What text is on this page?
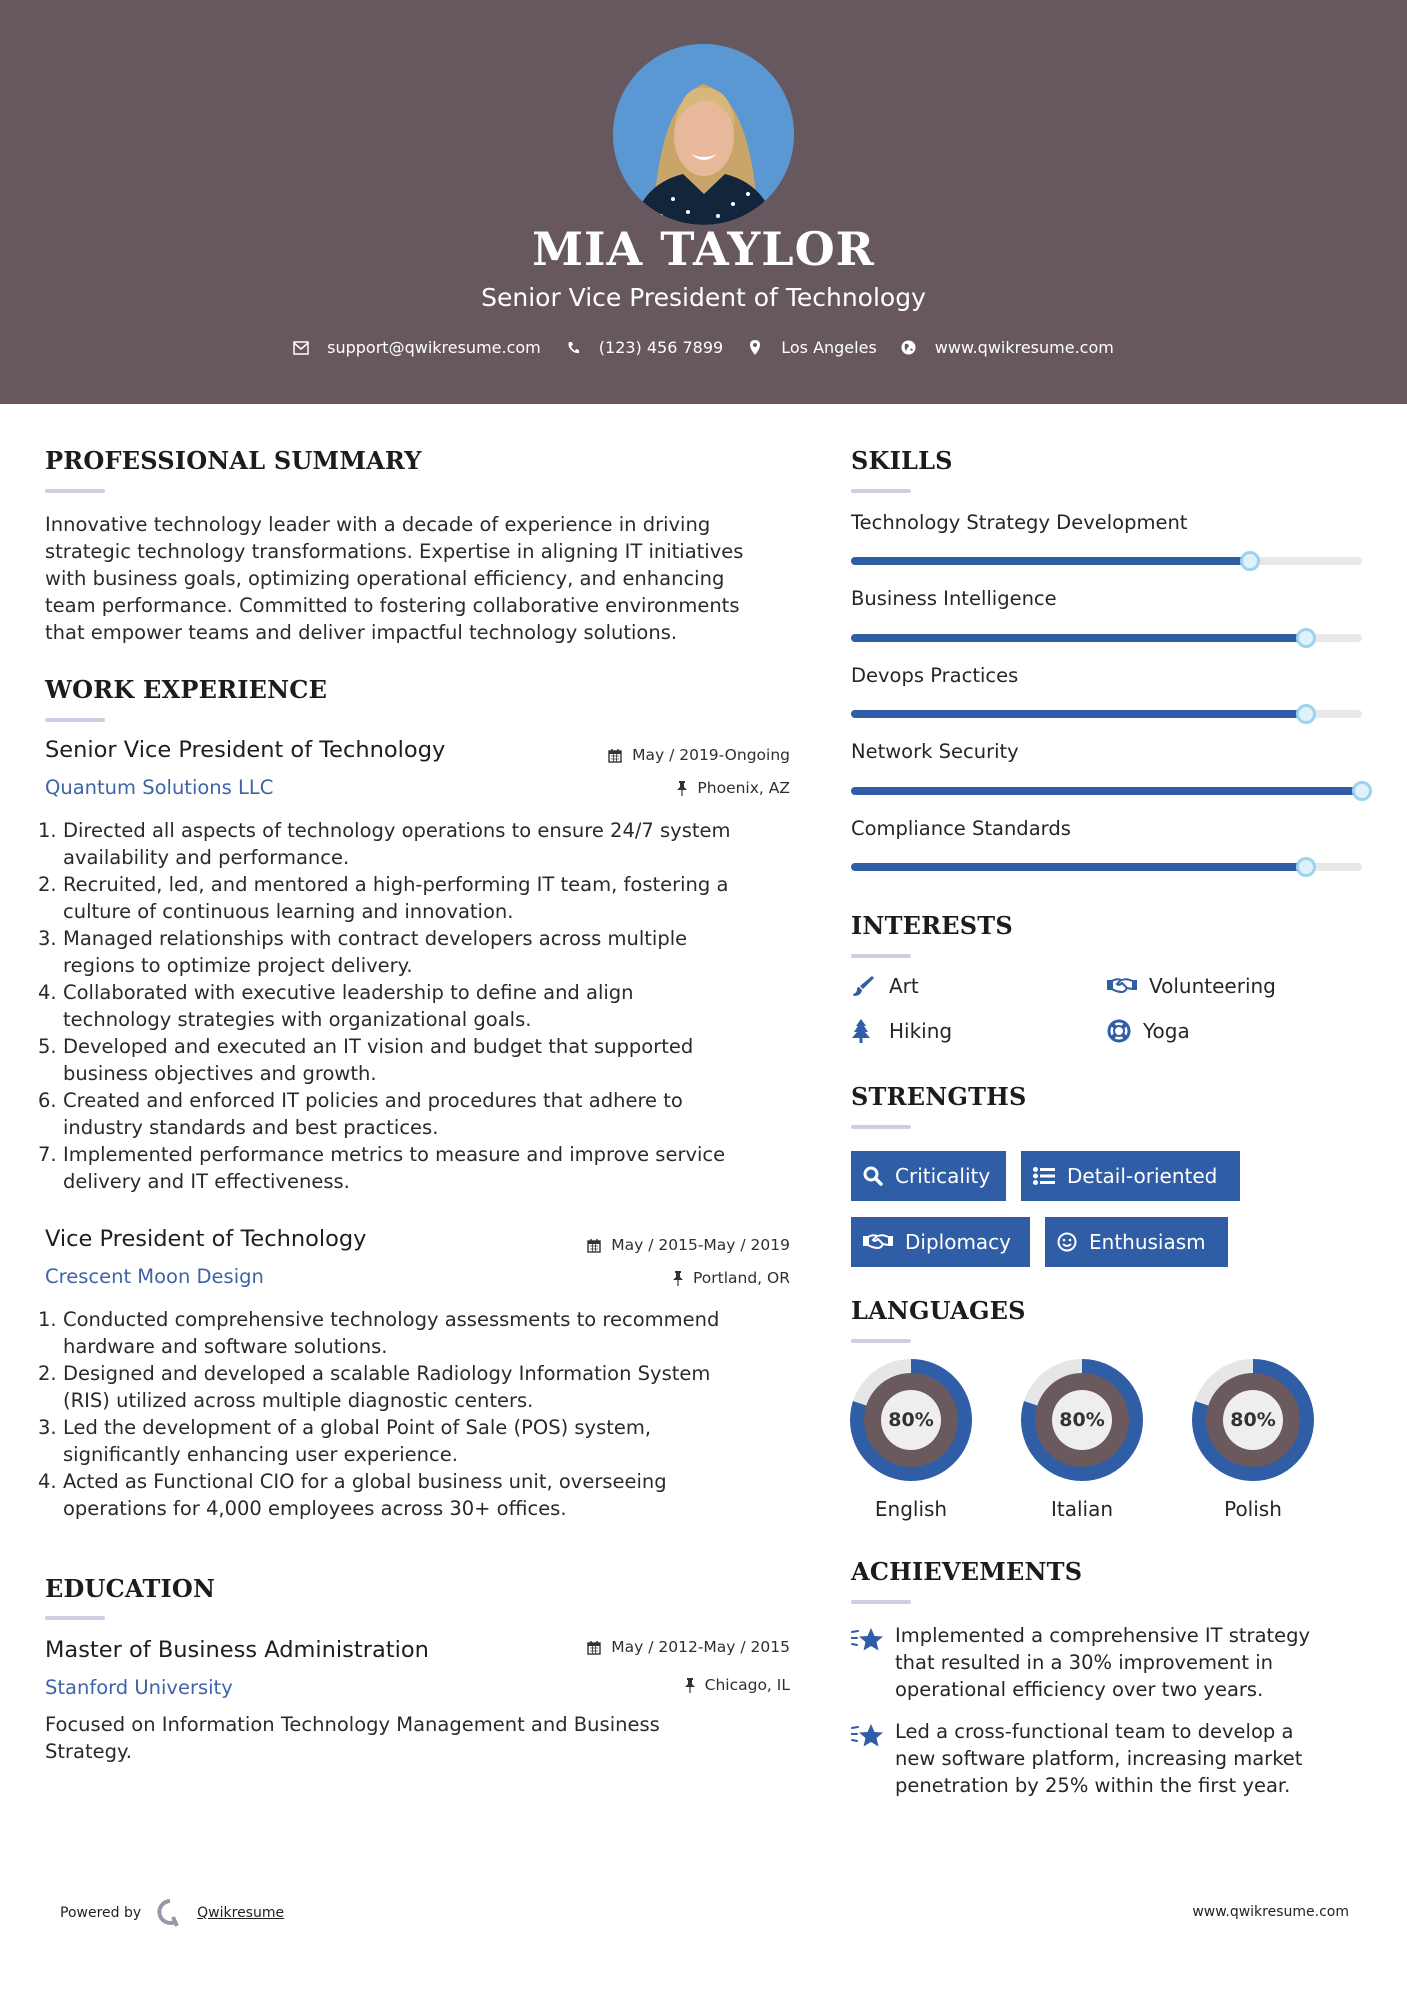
MIA TAYLOR
Senior Vice President of Technology
support@qwikresume.com	(123) 456 7899	Los Angeles	www.qwikresume.com
PROFESSIONAL SUMMARY
Innovative technology leader with a decade of experience in driving
strategic technology transformations. Expertise in aligning IT initiatives
with business goals, optimizing operational efficiency, and enhancing
team performance. Committed to fostering collaborative environments
that empower teams and deliver impactful technology solutions.
WORK EXPERIENCE
Senior Vice President of Technology	May / 2019-Ongoing
Quantum Solutions LLC	Phoenix, AZ
1. Directed all aspects of technology operations to ensure 24/7 system
availability and performance.
2. Recruited, led, and mentored a high-performing IT team, fostering a
culture of continuous learning and innovation.
3. Managed relationships with contract developers across multiple
regions to optimize project delivery.
4. Collaborated with executive leadership to define and align
technology strategies with organizational goals.
5. Developed and executed an IT vision and budget that supported
business objectives and growth.
6. Created and enforced IT policies and procedures that adhere to
industry standards and best practices.
7. Implemented performance metrics to measure and improve service
delivery and IT effectiveness.
Vice President of Technology	May / 2015-May / 2019
Crescent Moon Design	Portland, OR
1. Conducted comprehensive technology assessments to recommend
hardware and software solutions.
2. Designed and developed a scalable Radiology Information System
(RIS) utilized across multiple diagnostic centers.
3. Led the development of a global Point of Sale (POS) system,
significantly enhancing user experience.
4. Acted as Functional CIO for a global business unit, overseeing
operations for 4,000 employees across 30+ offices.
EDUCATION
Master of Business Administration	May / 2012-May / 2015
Stanford University	Chicago, IL
Focused on Information Technology Management and Business
Strategy.
SKILLS
Technology Strategy Development
Business Intelligence
Devops Practices
Network Security
Compliance Standards
INTERESTS
Art	Volunteering
Hiking	Yoga
STRENGTHS
Criticality	Detail-oriented
Diplomacy	Enthusiasm
LANGUAGES
80%
English
80%
Italian
80%
Polish
ACHIEVEMENTS
Implemented a comprehensive IT strategy
that resulted in a 30% improvement in
operational efficiency over two years.
Led a cross-functional team to develop a
new software platform, increasing market
penetration by 25% within the first year.
Powered by	Qwikresume	www.qwikresume.com
